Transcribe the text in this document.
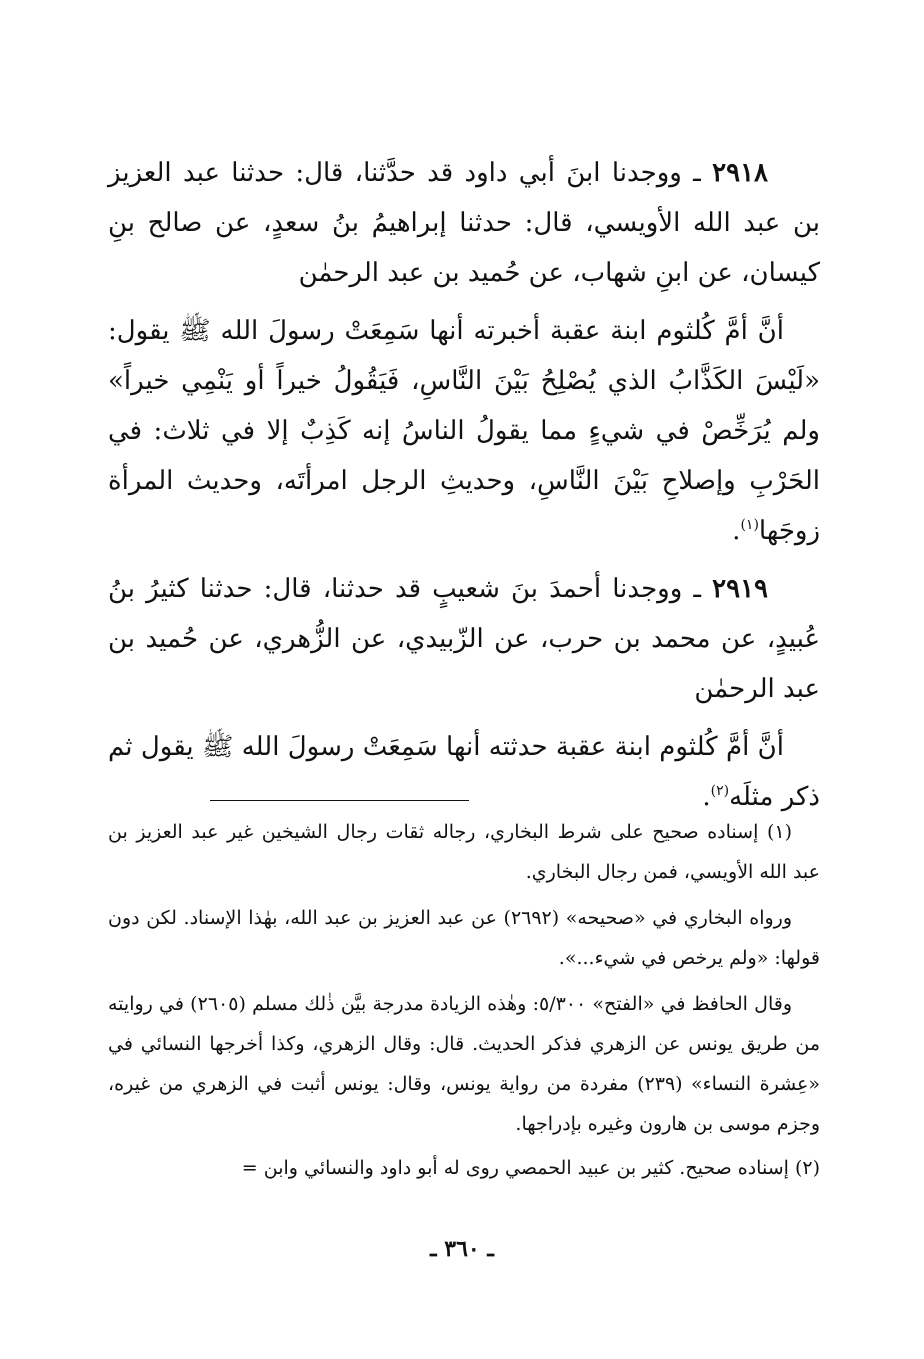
٢٩١٨ ـ ووجدنا ابنَ أبي داود قد حدَّثنا، قال: حدثنا عبد العزيز بن عبد الله الأويسي، قال: حدثنا إبراهيمُ بنُ سعدٍ، عن صالح بنِ كيسان، عن ابنِ شهاب، عن حُميد بن عبد الرحمٰن

أنَّ أمَّ كُلثوم ابنة عقبة أخبرته أنها سَمِعَتْ رسولَ الله ﷺ يقول: «لَيْسَ الكَذَّابُ الذي يُصْلِحُ بَيْنَ النَّاسِ، فَيَقُولُ خيراً أو يَنْمِي خيراً» ولم يُرَخِّصْ في شيءٍ مما يقولُ الناسُ إنه كَذِبٌ إلا في ثلاث: في الحَرْبِ وإصلاحِ بَيْنَ النَّاسِ، وحديثِ الرجل امرأتَه، وحديث المرأة زوجَها$^{(١)}$.

٢٩١٩ ـ ووجدنا أحمدَ بنَ شعيبٍ قد حدثنا، قال: حدثنا كثيرُ بنُ عُبيدٍ، عن محمد بن حرب، عن الزّبيدي، عن الزُّهري، عن حُميد بن عبد الرحمٰن

أنَّ أمَّ كُلثوم ابنة عقبة حدثته أنها سَمِعَتْ رسولَ الله ﷺ يقول ثم ذكر مثلَه$^{(٢)}$.

(١) إسناده صحيح على شرط البخاري، رجاله ثقات رجال الشيخين غير عبد العزيز بن عبد الله الأويسي، فمن رجال البخاري.

ورواه البخاري في «صحيحه» (٢٦٩٢) عن عبد العزيز بن عبد الله، بهٰذا الإسناد. لكن دون قولها: «ولم يرخص في شيء...».

وقال الحافظ في «الفتح» ٥/٣٠٠: وهٰذه الزيادة مدرجة بيَّن ذٰلك مسلم (٢٦٠٥) في روايته من طريق يونس عن الزهري فذكر الحديث. قال: وقال الزهري، وكذا أخرجها النسائي في «عِشرة النساء» (٢٣٩) مفردة من رواية يونس، وقال: يونس أثبت في الزهري من غيره، وجزم موسى بن هارون وغيره بإدراجها.

(٢) إسناده صحيح. كثير بن عبيد الحمصي روى له أبو داود والنسائي وابن =

ـ ٣٦٠ ـ
